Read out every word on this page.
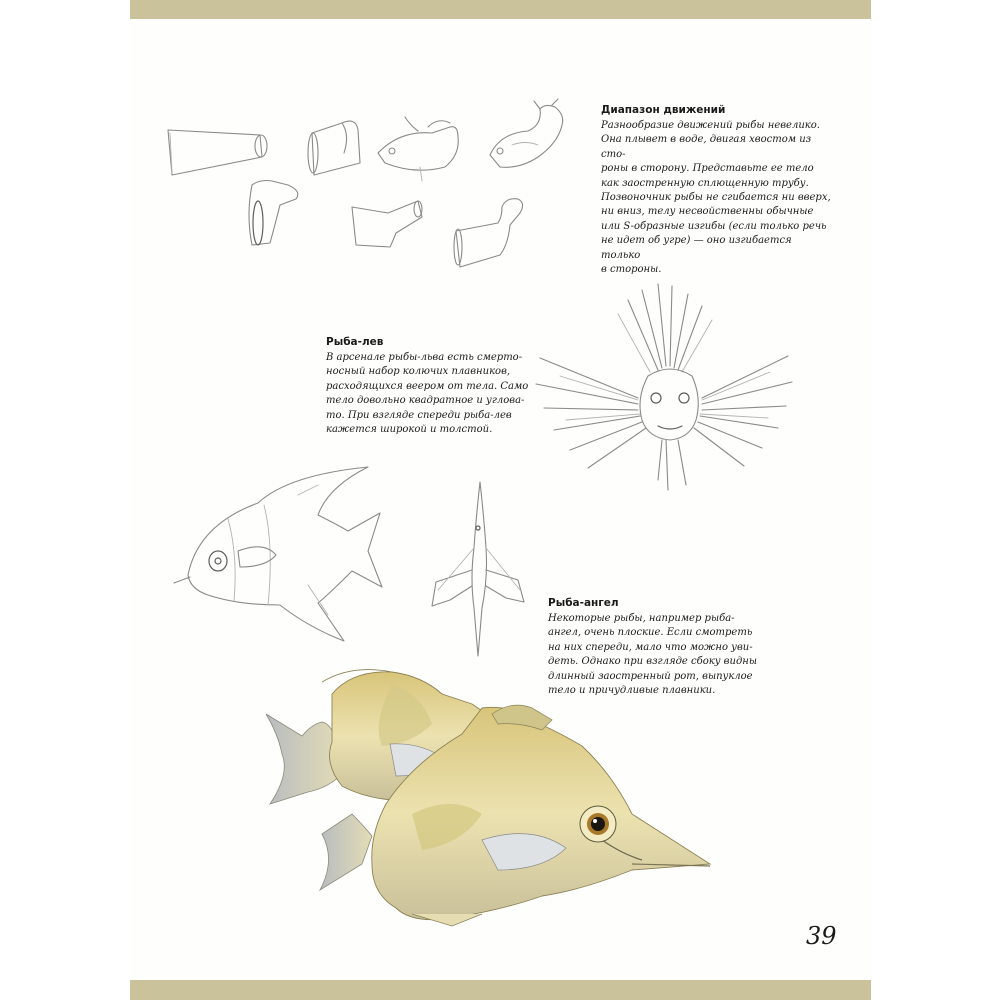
Диапазон движений

Разнообразие движений рыбы невелико.
Она плывет в воде, двигая хвостом из сто-
роны в сторону. Представьте ее тело
как заостренную сплющенную трубу.
Позвоночник рыбы не сгибается ни вверх,
ни вниз, телу несвойственны обычные
или S-образные изгибы (если только речь
не идет об угре) — оно изгибается только
в стороны.

Рыба-лев

В арсенале рыбы-льва есть смерто-
носный набор колючих плавников,
расходящихся веером от тела. Само
тело довольно квадратное и углова-
то. При взгляде спереди рыба-лев
кажется широкой и толстой.

Рыба-ангел

Некоторые рыбы, например рыба-
ангел, очень плоские. Если смотреть
на них спереди, мало что можно уви-
деть. Однако при взгляде сбоку видны
длинный заостренный рот, выпуклое
тело и причудливые плавники.

39
